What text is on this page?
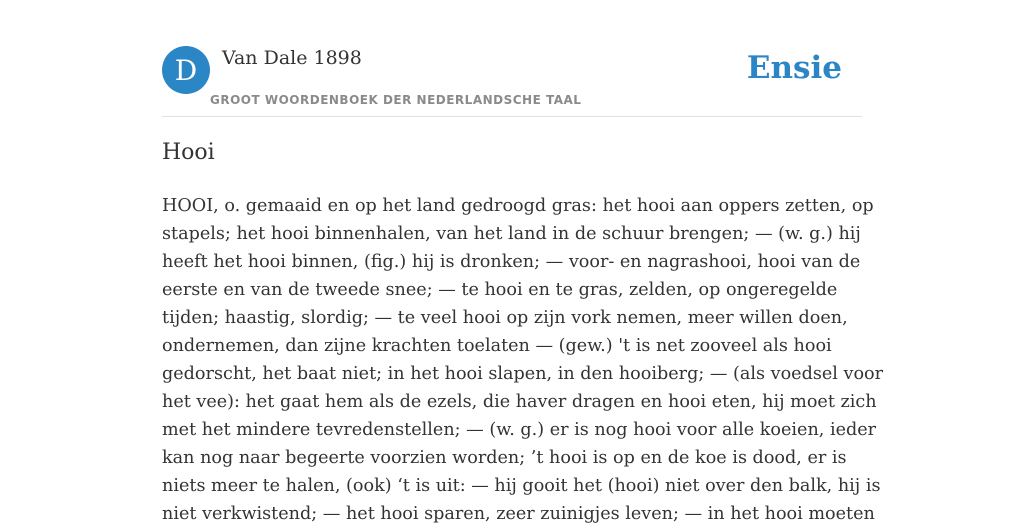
D	Van Dale 1898
GROOT WOORDENBOEK DER NEDERLANDSCHE TAAL
Ensie
Hooi
HOOI, o. gemaaid en op het land gedroogd gras: het hooi aan oppers zetten, op
stapels; het hooi binnenhalen, van het land in de schuur brengen; — (w. g.) hij
heeft het hooi binnen, (fig.) hij is dronken; — voor- en nagrashooi, hooi van de
eerste en van de tweede snee; — te hooi en te gras, zelden, op ongeregelde
tijden; haastig, slordig; — te veel hooi op zijn vork nemen, meer willen doen,
ondernemen, dan zijne krachten toelaten — (gew.) 't is net zooveel als hooi
gedorscht, het baat niet; in het hooi slapen, in den hooiberg; — (als voedsel voor
het vee): het gaat hem als de ezels, die haver dragen en hooi eten, hij moet zich
met het mindere tevredenstellen; — (w. g.) er is nog hooi voor alle koeien, ieder
kan nog naar begeerte voorzien worden; ’t hooi is op en de koe is dood, er is
niets meer te halen, (ook) ‘t is uit: — hij gooit het (hooi) niet over den balk, hij is
niet verkwistend; — het hooi sparen, zeer zuinigjes leven; — in het hooi moeten
